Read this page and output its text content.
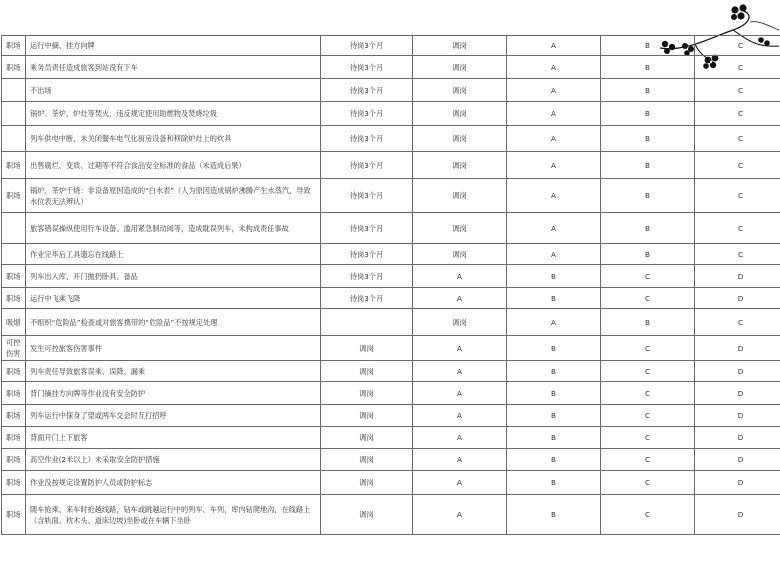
职场	运行中摘、挂方向牌	待岗3个月	调岗	A	B	C	
职场	乘务员责任造成旅客到站没有下车	待岗3个月	调岗	A	B	C	
	不出场	待岗3个月	调岗	A	B	C	
	锅炉、茶炉、炉灶等焚火，违反规定使用助燃物及焚烧垃圾	待岗3个月	调岗	A	B	C	
	列车供电中断，未关闭餐车电气化厨房设备和移除炉灶上的炊具	待岗3个月	调岗	A	B	C	
职场	出售腐烂、变质、过期等不符合食品安全标准的食品（未造成后果）	待岗3个月	调岗	A	B	C	
职场	锅炉、茶炉干烧：非设备原因造成的“白水表”（人为原因造成锅炉沸腾产生水蒸汽、导致水位表无法辨认）	待岗3个月	调岗	A	B	C	
	旅客错误操纵使用行车设备、滥用紧急制动阀等，造成耽误列车，未构成责任事故	待岗3个月	调岗	A	B	C	
	作业完毕后工具遗忘在线路上	待岗3个月	调岗	A	B	C	
职场	列车出入库、开门抛扔卧具、备品	待岗3个月	A	B	C	D	
职场	运行中飞乘飞降	待岗3个月	A	B	C	D	
吸烟	不组织“危险品”检查或对旅客携带的“危险品”不按规定处理		调岗	A	B	C	
可控伤害	发生可控旅客伤害事件	调岗	A	B	C	D	
职场	列车责任导致旅客误乘、误降、漏乘	调岗	A	B	C	D	
职场	背门摘挂方向牌等作业没有安全防护	调岗	A	B	C	D	
职场	列车运行中探身了望或两车交会时互打招呼	调岗	A	B	C	D	
职场	背面开门上下旅客	调岗	A	B	C	D	
职场	高空作业(2米以上）未采取安全防护措施	调岗	A	B	C	D	
职场	作业没按规定设置防护人员或防护标志	调岗	A	B	C	D	
职场	随车抢乘、来车时抢越线路，钻车或跳越运行中的列车、车列，库内钻爬地沟，在线路上（含轨面、枕木头、道床边坡)坐卧或在车辆下坐卧	调岗	A	B	C	D	
